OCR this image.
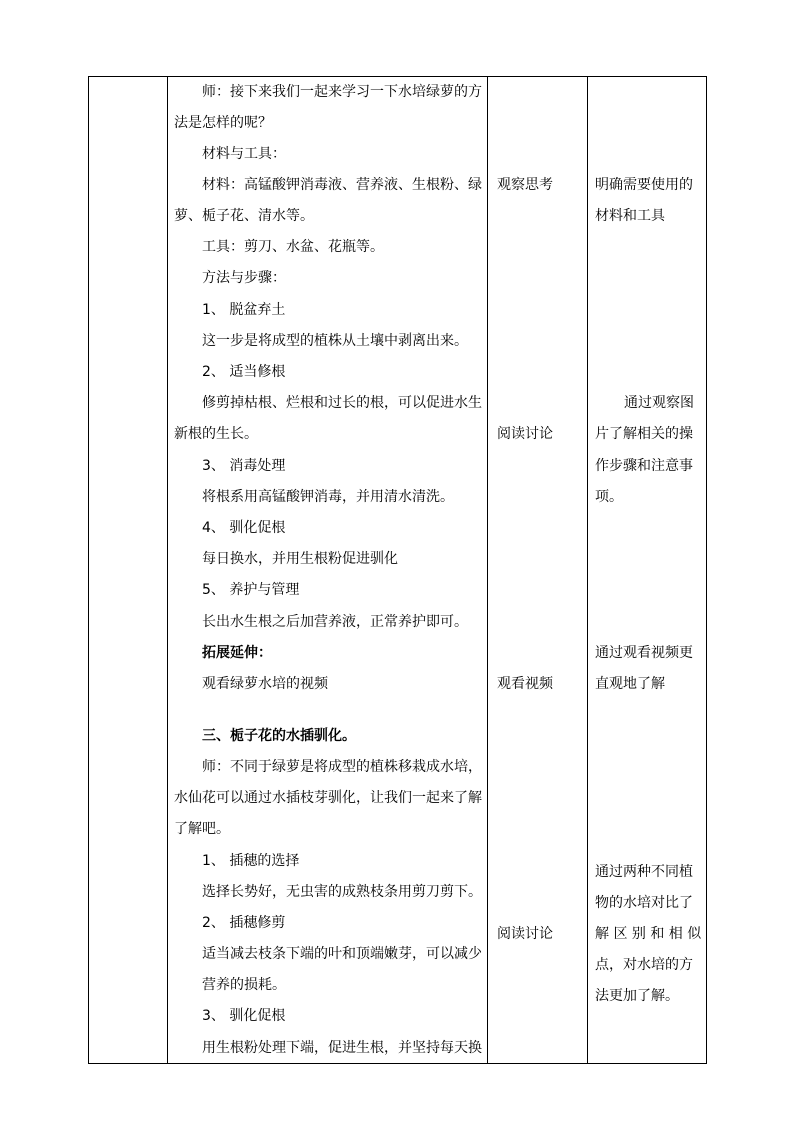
师：接下来我们一起来学习一下水培绿萝的方
法是怎样的呢？
材料与工具：
材料：高锰酸钾消毒液、营养液、生根粉、绿
萝、栀子花、清水等。
工具：剪刀、水盆、花瓶等。
方法与步骤：
1、 脱盆弃土
这一步是将成型的植株从土壤中剥离出来。
2、 适当修根
修剪掉枯根、烂根和过长的根，可以促进水生
新根的生长。
3、 消毒处理
将根系用高锰酸钾消毒，并用清水清洗。
4、 驯化促根
每日换水，并用生根粉促进驯化
5、 养护与管理
长出水生根之后加营养液，正常养护即可。
拓展延伸：
观看绿萝水培的视频
三、栀子花的水插驯化。
师：不同于绿萝是将成型的植株移栽成水培，
水仙花可以通过水插枝芽驯化，让我们一起来了解
了解吧。
1、 插穗的选择
选择长势好，无虫害的成熟枝条用剪刀剪下。
2、 插穗修剪
适当减去枝条下端的叶和顶端嫩芽，可以减少
营养的损耗。
3、 驯化促根
用生根粉处理下端，促进生根，并坚持每天换
观察思考
阅读讨论
观看视频
阅读讨论
明确需要使用的
材料和工具
通过观察图
片了解相关的操
作步骤和注意事
项。
通过观看视频更
直观地了解
通过两种不同植
物的水培对比了
解 区 别 和 相 似
点，对水培的方
法更加了解。
